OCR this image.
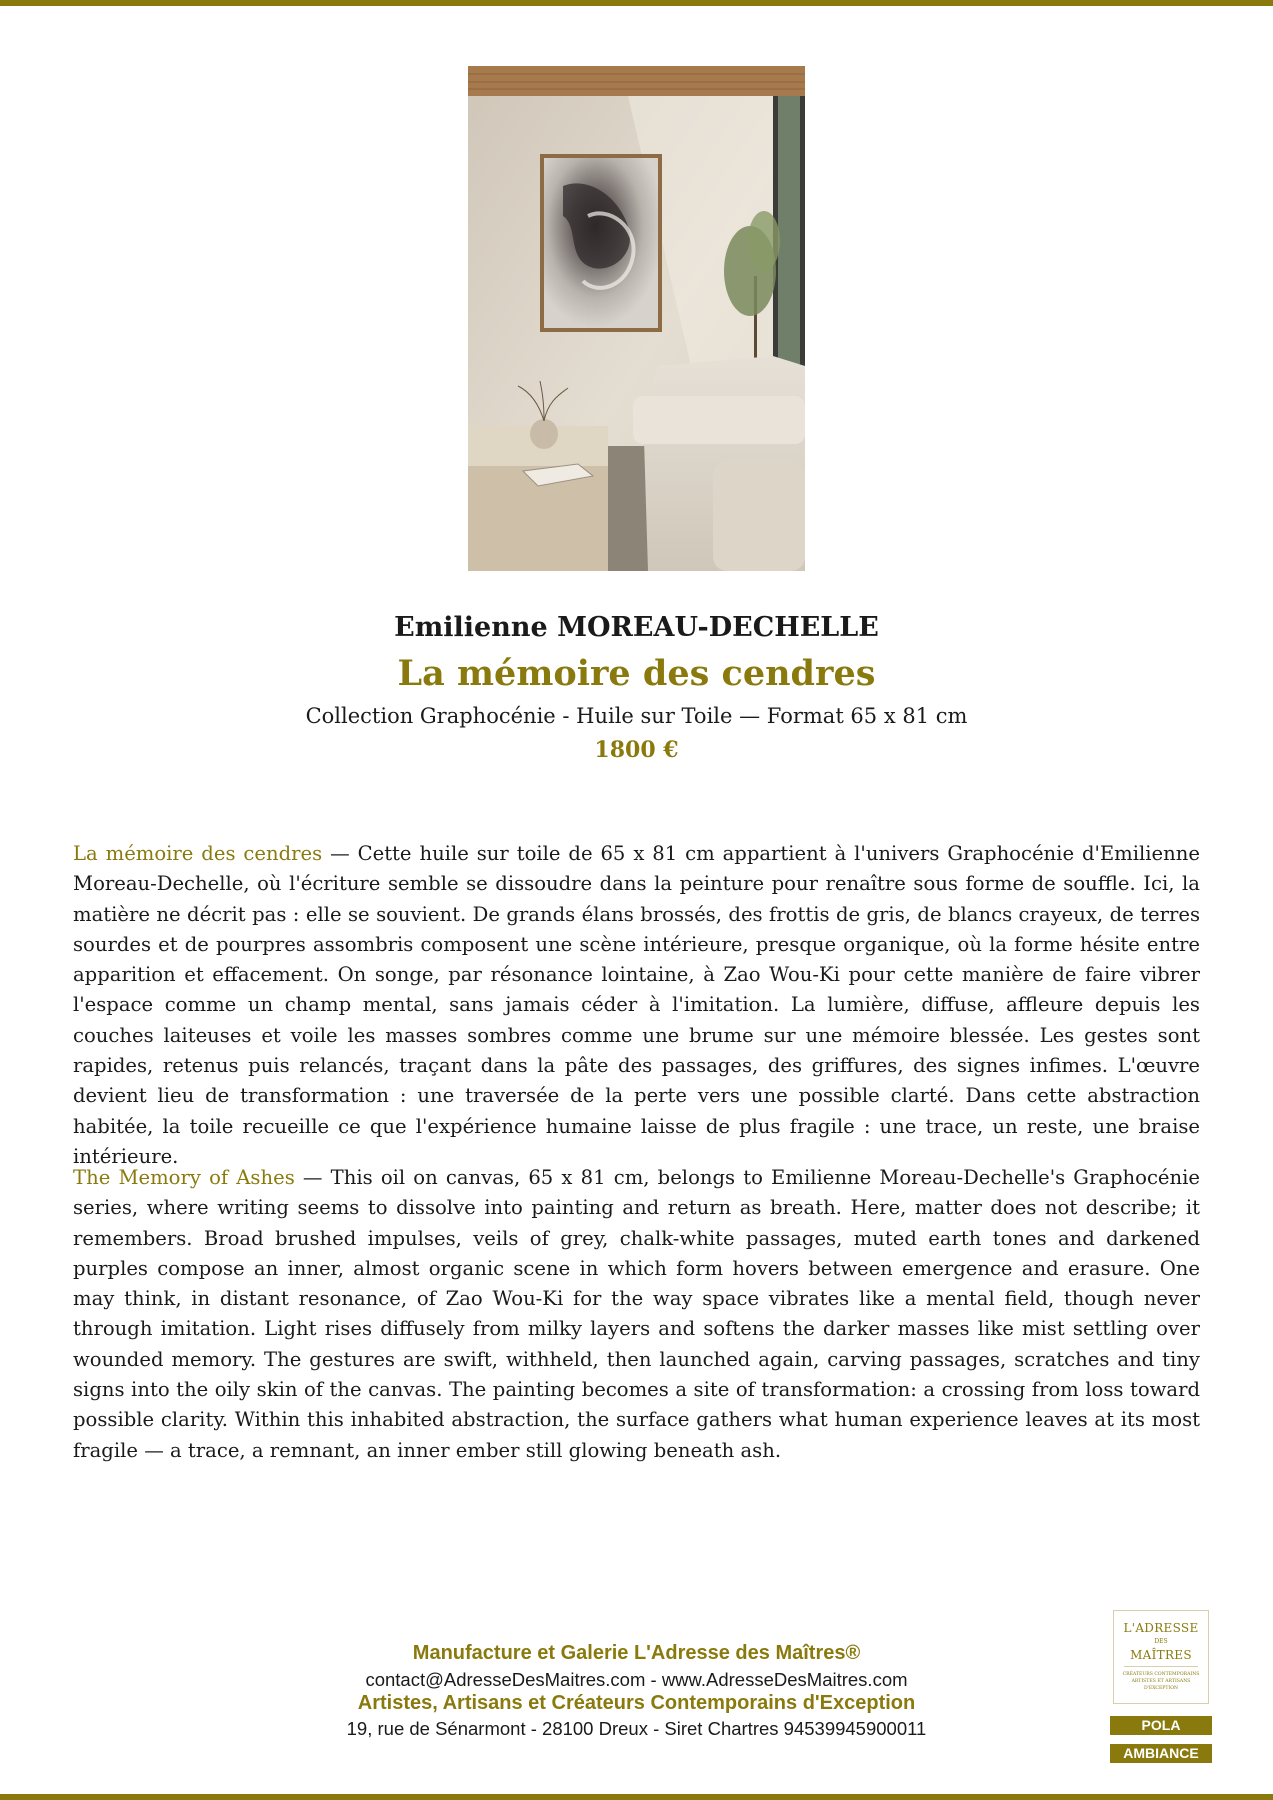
Emilienne MOREAU-DECHELLE
La mémoire des cendres
Collection Graphocénie - Huile sur Toile — Format 65 x 81 cm
1800 €

La mémoire des cendres — Cette huile sur toile de 65 x 81 cm appartient à l'univers Graphocénie d'Emilienne Moreau-Dechelle, où l'écriture semble se dissoudre dans la peinture pour renaître sous forme de souffle. Ici, la matière ne décrit pas : elle se souvient. De grands élans brossés, des frottis de gris, de blancs crayeux, de terres sourdes et de pourpres assombris composent une scène intérieure, presque organique, où la forme hésite entre apparition et effacement. On songe, par résonance lointaine, à Zao Wou-Ki pour cette manière de faire vibrer l'espace comme un champ mental, sans jamais céder à l'imitation. La lumière, diffuse, affleure depuis les couches laiteuses et voile les masses sombres comme une brume sur une mémoire blessée. Les gestes sont rapides, retenus puis relancés, traçant dans la pâte des passages, des griffures, des signes infimes. L'œuvre devient lieu de transformation : une traversée de la perte vers une possible clarté. Dans cette abstraction habitée, la toile recueille ce que l'expérience humaine laisse de plus fragile : une trace, un reste, une braise intérieure.

The Memory of Ashes — This oil on canvas, 65 x 81 cm, belongs to Emilienne Moreau-Dechelle's Graphocénie series, where writing seems to dissolve into painting and return as breath. Here, matter does not describe; it remembers. Broad brushed impulses, veils of grey, chalk-white passages, muted earth tones and darkened purples compose an inner, almost organic scene in which form hovers between emergence and erasure. One may think, in distant resonance, of Zao Wou-Ki for the way space vibrates like a mental field, though never through imitation. Light rises diffusely from milky layers and softens the darker masses like mist settling over wounded memory. The gestures are swift, withheld, then launched again, carving passages, scratches and tiny signs into the oily skin of the canvas. The painting becomes a site of transformation: a crossing from loss toward possible clarity. Within this inhabited abstraction, the surface gathers what human experience leaves at its most fragile — a trace, a remnant, an inner ember still glowing beneath ash.

Manufacture et Galerie L'Adresse des Maîtres®
contact@AdresseDesMaitres.com - www.AdresseDesMaitres.com
Artistes, Artisans et Créateurs Contemporains d'Exception
19, rue de Sénarmont - 28100 Dreux - Siret Chartres 94539945900011
L'ADRESSE
DES
MAÎTRES
CRÉATEURS CONTEMPORAINS ARTISTES ET ARTISANS D'EXCEPTION
POLA
AMBIANCE
